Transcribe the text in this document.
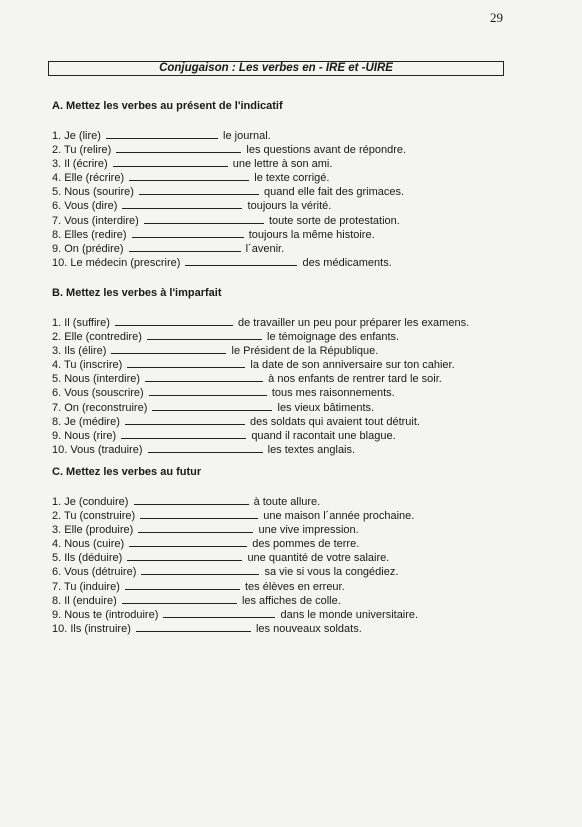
29
Conjugaison : Les verbes en - IRE et -UIRE
A. Mettez les verbes au présent de l'indicatif
1. Je (lire)	le journal.
2. Tu (relire)	les questions avant de répondre.
3. Il (écrire)	une lettre à son ami.
4. Elle (récrire)	le texte corrigé.
5. Nous (sourire)	quand elle fait des grimaces.
6. Vous (dire)	toujours la vérité.
7. Vous (interdire)	toute sorte de protestation.
8. Elles (redire)	toujours la même histoire.
9. On (prédire)	l´avenir.
10. Le médecin (prescrire)	des médicaments.
B. Mettez les verbes à l'imparfait
1. Il (suffire)	de travailler un peu pour préparer les examens.
2. Elle (contredire)	le témoignage des enfants.
3. Ils (élire)	le Président de la République.
4. Tu (inscrire)	la date de son anniversaire sur ton cahier.
5. Nous (interdire)	à nos enfants de rentrer tard le soir.
6. Vous (souscrire)	tous mes raisonnements.
7. On (reconstruire)	les vieux bâtiments.
8. Je (médire)	des soldats qui avaient tout détruit.
9. Nous (rire)	quand il racontait une blague.
10. Vous (traduire)	les textes anglais.
C. Mettez les verbes au futur
1. Je (conduire)	à toute allure.
2. Tu (construire)	une maison l´année prochaine.
3. Elle (produire)	une vive impression.
4. Nous (cuire)	des pommes de terre.
5. Ils (déduire)	une quantité de votre salaire.
6. Vous (détruire)	sa vie si vous la congédiez.
7. Tu (induire)	tes élèves en erreur.
8. Il (enduire)	les affiches de colle.
9. Nous te (introduire)	dans le monde universitaire.
10. Ils (instruire)	les nouveaux soldats.
